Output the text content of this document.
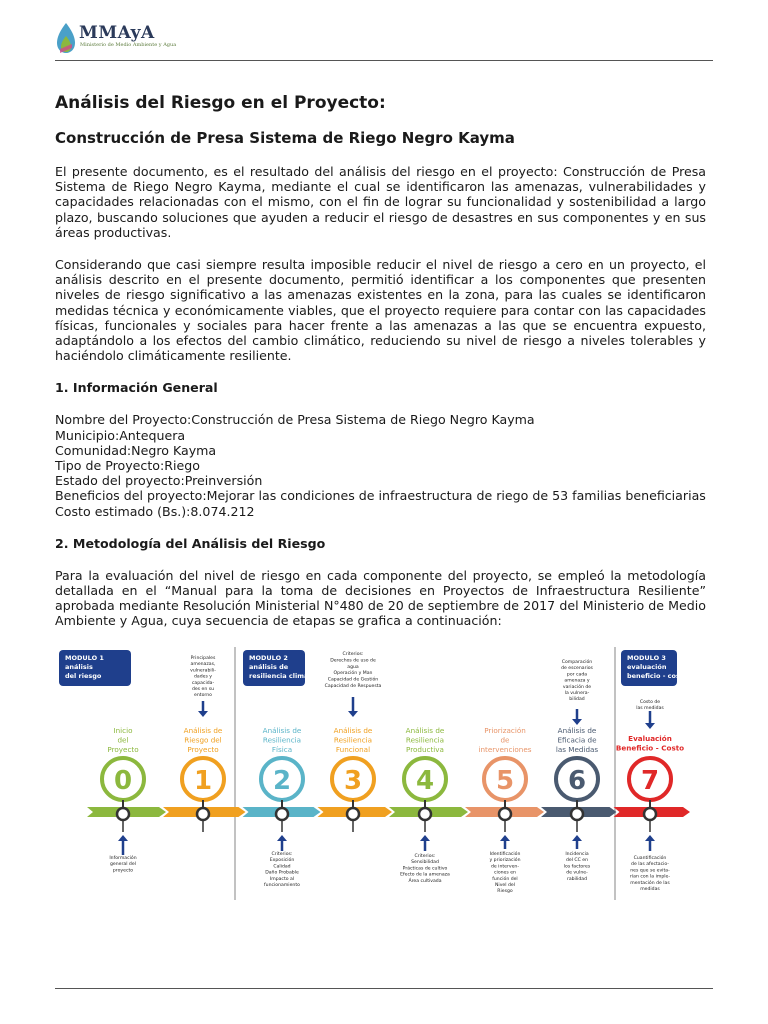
MMAyA
Ministerio de Medio Ambiente y Agua
Análisis del Riesgo en el Proyecto:
Construcción de Presa Sistema de Riego Negro Kayma

El presente documento, es el resultado del análisis del riesgo en el proyecto: Construcción de Presa Sistema de Riego Negro Kayma, mediante el cual se identificaron las amenazas, vulnerabilidades y capacidades relacionadas con el mismo, con el fin de lograr su funcionalidad y sostenibilidad a largo plazo, buscando soluciones que ayuden a reducir el riesgo de desastres en sus componentes y en sus áreas productivas.

Considerando que casi siempre resulta imposible reducir el nivel de riesgo a cero en un proyecto, el análisis descrito en el presente documento, permitió identificar a los componentes que presenten niveles de riesgo significativo a las amenazas existentes en la zona, para las cuales se identificaron medidas técnica y económicamente viables, que el proyecto requiere para contar con las capacidades físicas, funcionales y sociales para hacer frente a las amenazas a las que se encuentra expuesto, adaptándolo a los efectos del cambio climático, reduciendo su nivel de riesgo a niveles tolerables y haciéndolo climáticamente resiliente.

1. Información General
Nombre del Proyecto:Construcción de Presa Sistema de Riego Negro Kayma
Municipio:Antequera
Comunidad:Negro Kayma
Tipo de Proyecto:Riego
Estado del proyecto:Preinversión
Beneficios del proyecto:Mejorar las condiciones de infraestructura de riego de 53 familias beneficiarias
Costo estimado (Bs.):8.074.212
2. Metodología del Análisis del Riesgo

Para la evaluación del nivel de riesgo en cada componente del proyecto, se empleó la metodología detallada en el “Manual para la toma de decisiones en Proyectos de Infraestructura Resiliente” aprobada mediante Resolución Ministerial N°480 de 20 de septiembre de 2017 del Ministerio de Medio Ambiente y Agua, cuya secuencia de etapas se grafica a continuación:

MODULO 1
análisis
del riesgo
MODULO 2
análisis de
resiliencia climática
MODULO 3
evaluación
beneficio - costo
Inicio
del
Proyecto
0
Análisis de
Riesgo del
Proyecto
1
Análisis de
Resiliencia
Física
2
Análisis de
Resiliencia
Funcional
3
Análisis de
Resiliencia
Productiva
4
Priorización
de
intervenciones
5
Análisis de
Eficacia de
las Medidas
6
Evaluación
Beneficio - Costo
7
Principales
amenazas,
vulnerabili-
dades y
capacida-
des en su
entorno
Criterios:
Derechos de uso de
agua
Operación y Man
Capacidad de Gestión
Capacidad de Respuesta
Comparación
de escenarios
por cada
amenaza y
variación de
la vulnera-
bilidad
Costo de
las medidas
Información
general del
proyecto
Criterios:
Exposición
Calidad
Daño Probable
Impacto al
funcionamiento
Criterios:
Sensibilidad
Prácticas de cultivo
Efecto de la amenaza
Área cultivada
Identificación
y priorización
de interven-
ciones en
función del
Nivel del
Riesgo
Incidencia
del CC en
los factores
de vulne-
rabilidad
Cuantificación
de las afectacio-
nes que se evita-
rían con la imple-
mentación de las
medidas
